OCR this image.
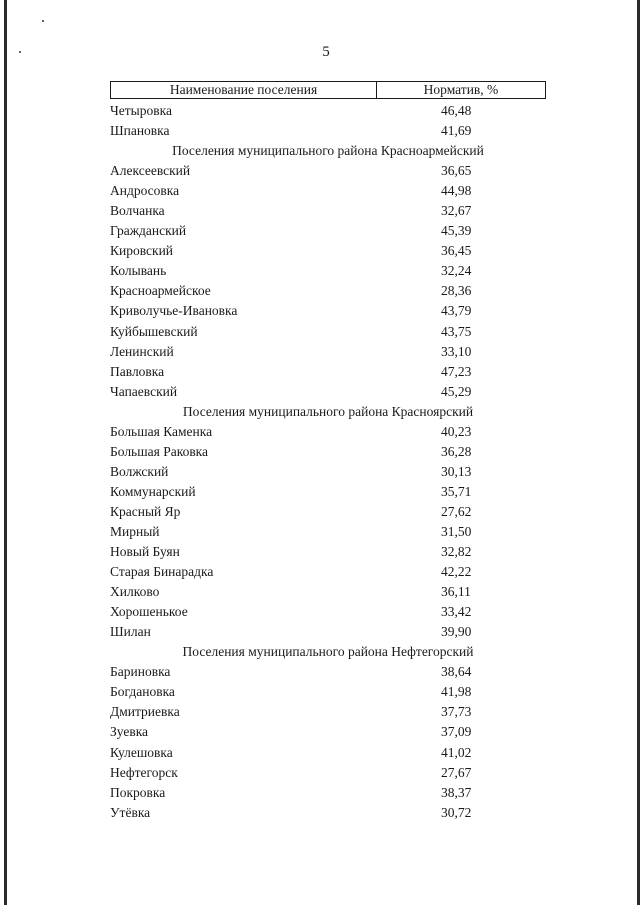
5
Наименование поселения	Норматив, %
Четыровка	46,48
Шпановка	41,69
Поселения муниципального района Красноармейский
Алексеевский	36,65
Андросовка	44,98
Волчанка	32,67
Гражданский	45,39
Кировский	36,45
Колывань	32,24
Красноармейское	28,36
Криволучье-Ивановка	43,79
Куйбышевский	43,75
Ленинский	33,10
Павловка	47,23
Чапаевский	45,29
Поселения муниципального района Красноярский
Большая Каменка	40,23
Большая Раковка	36,28
Волжский	30,13
Коммунарский	35,71
Красный Яр	27,62
Мирный	31,50
Новый Буян	32,82
Старая Бинарадка	42,22
Хилково	36,11
Хорошенькое	33,42
Шилан	39,90
Поселения муниципального района Нефтегорский
Бариновка	38,64
Богдановка	41,98
Дмитриевка	37,73
Зуевка	37,09
Кулешовка	41,02
Нефтегорск	27,67
Покровка	38,37
Утёвка	30,72
